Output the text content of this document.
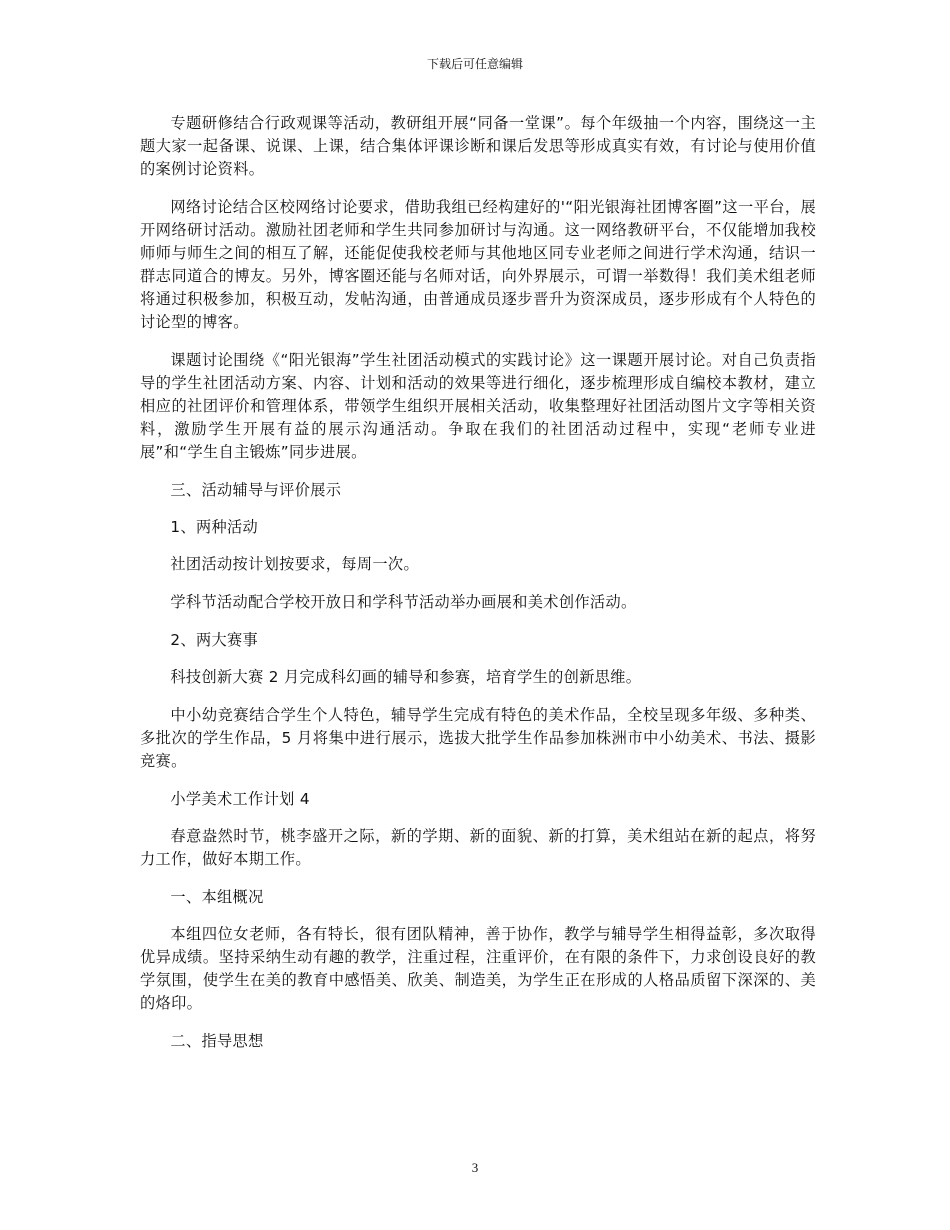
下载后可任意编辑

专题研修结合行政观课等活动，教研组开展“同备一堂课”。每个年级抽一个内容，围绕这一主题大家一起备课、说课、上课，结合集体评课诊断和课后发思等形成真实有效，有讨论与使用价值的案例讨论资料。

网络讨论结合区校网络讨论要求，借助我组已经构建好的'“阳光银海社团博客圈”这一平台，展开网络研讨活动。激励社团老师和学生共同参加研讨与沟通。这一网络教研平台，不仅能增加我校师师与师生之间的相互了解，还能促使我校老师与其他地区同专业老师之间进行学术沟通，结识一群志同道合的博友。另外，博客圈还能与名师对话，向外界展示，可谓一举数得！我们美术组老师将通过积极参加，积极互动，发帖沟通，由普通成员逐步晋升为资深成员，逐步形成有个人特色的讨论型的博客。

课题讨论围绕《“阳光银海”学生社团活动模式的实践讨论》这一课题开展讨论。对自己负责指导的学生社团活动方案、内容、计划和活动的效果等进行细化，逐步梳理形成自编校本教材，建立相应的社团评价和管理体系，带领学生组织开展相关活动，收集整理好社团活动图片文字等相关资料，激励学生开展有益的展示沟通活动。争取在我们的社团活动过程中，实现“老师专业进展”和“学生自主锻炼”同步进展。

三、活动辅导与评价展示

1、两种活动

社团活动按计划按要求，每周一次。

学科节活动配合学校开放日和学科节活动举办画展和美术创作活动。

2、两大赛事

科技创新大赛 2 月完成科幻画的辅导和参赛，培育学生的创新思维。

中小幼竞赛结合学生个人特色，辅导学生完成有特色的美术作品，全校呈现多年级、多种类、多批次的学生作品，5 月将集中进行展示，选拔大批学生作品参加株洲市中小幼美术、书法、摄影竞赛。

小学美术工作计划 4

春意盎然时节，桃李盛开之际，新的学期、新的面貌、新的打算，美术组站在新的起点，将努力工作，做好本期工作。

一、本组概况

本组四位女老师，各有特长，很有团队精神，善于协作，教学与辅导学生相得益彰，多次取得优异成绩。坚持采纳生动有趣的教学，注重过程，注重评价，在有限的条件下，力求创设良好的教学氛围，使学生在美的教育中感悟美、欣美、制造美，为学生正在形成的人格品质留下深深的、美的烙印。

二、指导思想

3
